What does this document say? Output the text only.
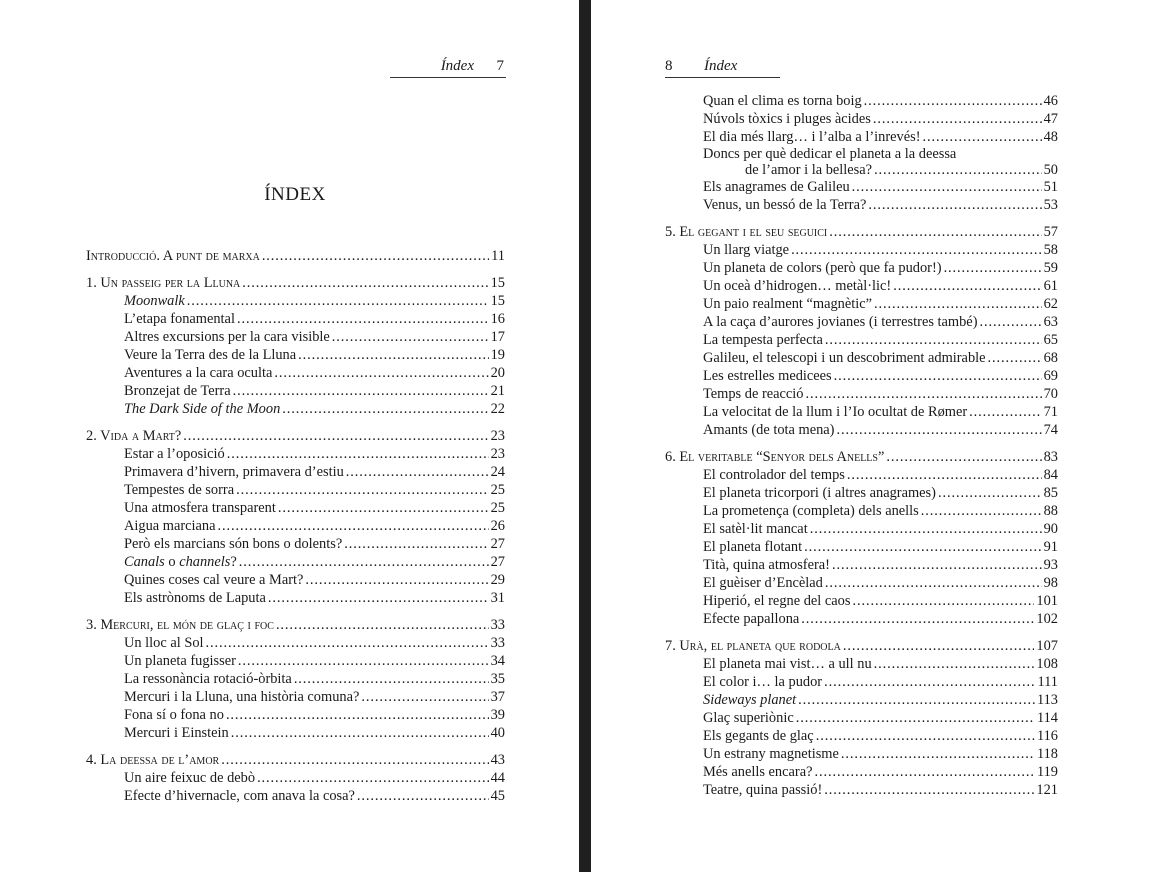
Índex 7
ÍNDEX
Introducció. A punt de marxa .....	11
1. Un passeig per la Lluna .....	15
Moonwalk .....	15
L’etapa fonamental .....	16
Altres excursions per la cara visible .....	17
Veure la Terra des de la Lluna .....	19
Aventures a la cara oculta .....	20
Bronzejat de Terra .....	21
The Dark Side of the Moon .....	22
2. Vida a Mart? .....	23
Estar a l’oposició .....	23
Primavera d’hivern, primavera d’estiu .....	24
Tempestes de sorra .....	25
Una atmosfera transparent .....	25
Aigua marciana .....	26
Però els marcians són bons o dolents? .....	27
Canals o channels? .....	27
Quines coses cal veure a Mart? .....	29
Els astrònoms de Laputa .....	31
3. Mercuri, el món de glaç i foc .....	33
Un lloc al Sol .....	33
Un planeta fugisser .....	34
La ressonància rotació-òrbita .....	35
Mercuri i la Lluna, una història comuna? .....	37
Fona sí o fona no .....	39
Mercuri i Einstein .....	40
4. La deessa de l’amor .....	43
Un aire feixuc de debò .....	44
Efecte d’hivernacle, com anava la cosa? .....	45
8 Índex
Quan el clima es torna boig .....	46
Núvols tòxics i pluges àcides .....	47
El dia més llarg… i l’alba a l’inrevés! .....	48
Doncs per què dedicar el planeta a la deessa
de l’amor i la bellesa? .....	50
Els anagrames de Galileu .....	51
Venus, un bessó de la Terra? .....	53
5. El gegant i el seu seguici .....	57
Un llarg viatge .....	58
Un planeta de colors (però que fa pudor!) .....	59
Un oceà d’hidrogen… metàl·lic! .....	61
Un paio realment “magnètic” .....	62
A la caça d’aurores jovianes (i terrestres també) .....	63
La tempesta perfecta .....	65
Galileu, el telescopi i un descobriment admirable .....	68
Les estrelles medicees .....	69
Temps de reacció .....	70
La velocitat de la llum i l’Io ocultat de Rømer .....	71
Amants (de tota mena) .....	74
6. El veritable “Senyor dels Anells” .....	83
El controlador del temps .....	84
El planeta tricorpori (i altres anagrames) .....	85
La prometença (completa) dels anells .....	88
El satèl·lit mancat .....	90
El planeta flotant .....	91
Tità, quina atmosfera! .....	93
El guèiser d’Encèlad .....	98
Hiperió, el regne del caos .....	101
Efecte papallona .....	102
7. Urà, el planeta que rodola .....	107
El planeta mai vist… a ull nu .....	108
El color i… la pudor .....	111
Sideways planet .....	113
Glaç superiònic .....	114
Els gegants de glaç .....	116
Un estrany magnetisme .....	118
Més anells encara? .....	119
Teatre, quina passió! .....	121
